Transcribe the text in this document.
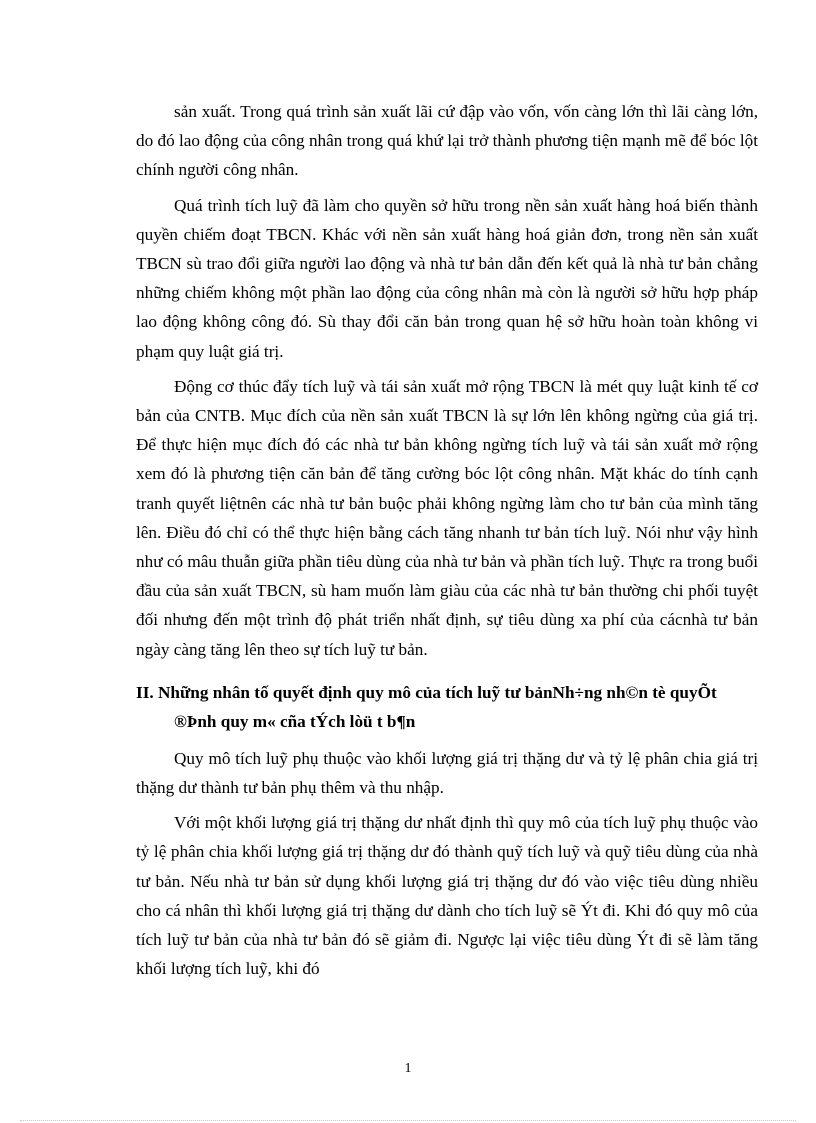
sản xuất. Trong quá trình sản xuất lãi cứ đập vào vốn, vốn càng lớn thì lãi càng lớn, do đó lao động của công nhân trong quá khứ lại trở thành phương tiện mạnh mẽ để bóc lột chính người công nhân.

Quá trình tích luỹ đã làm cho quyền sở hữu trong nền sản xuất hàng hoá biến thành quyền chiếm đoạt TBCN. Khác với nền sản xuất hàng hoá giản đơn, trong nền sản xuất TBCN sù trao đổi giữa người lao động và nhà tư bản dẫn đến kết quả là nhà tư bản chẳng những chiếm không một phần lao động của công nhân mà còn là người sở hữu hợp pháp lao động không công đó. Sù thay đổi căn bản trong quan hệ sở hữu hoàn toàn không vi phạm quy luật giá trị.

Động cơ thúc đẩy tích luỹ và tái sản xuất mở rộng TBCN là mét quy luật kinh tế cơ bản của CNTB. Mục đích của nền sản xuất TBCN là sự lớn lên không ngừng của giá trị. Để thực hiện mục đích đó các nhà tư bản không ngừng tích luỹ và tái sản xuất mở rộng xem đó là phương tiện căn bản để tăng cường bóc lột công nhân. Mặt khác do tính cạnh tranh quyết liệtnên các nhà tư bản buộc phải không ngừng làm cho tư bản của mình tăng lên. Điều đó chỉ có thể thực hiện bằng cách tăng nhanh tư bản tích luỹ. Nói như vậy hình như có mâu thuẫn giữa phần tiêu dùng của nhà tư bản và phần tích luỹ. Thực ra trong buổi đầu của sản xuất TBCN, sù ham muốn làm giàu của các nhà tư bản thường chi phối tuyệt đối nhưng đến một trình độ phát triển nhất định, sự tiêu dùng xa phí của cácnhà tư bản ngày càng tăng lên theo sự tích luỹ tư bản.

II. Những nhân tố quyết định quy mô của tích luỹ tư bảnNh÷ng nh©n tè quyÕt ®Þnh quy m« cña tÝch lòü t b¶n

Quy mô tích luỹ phụ thuộc vào khối lượng giá trị thặng dư và tỷ lệ phân chia giá trị thặng dư thành tư bản phụ thêm và thu nhập.

Với một khối lượng giá trị thặng dư nhất định thì quy mô của tích luỹ phụ thuộc vào tỷ lệ phân chia khối lượng giá trị thặng dư đó thành quỹ tích luỹ và quỹ tiêu dùng của nhà tư bản. Nếu nhà tư bản sử dụng khối lượng giá trị thặng dư đó vào việc tiêu dùng nhiều cho cá nhân thì khối lượng giá trị thặng dư dành cho tích luỹ sẽ Ýt đi. Khi đó quy mô của tích luỹ tư bản của nhà tư bản đó sẽ giảm đi. Ngược lại việc tiêu dùng Ýt đi sẽ làm tăng khối lượng tích luỹ, khi đó

1
